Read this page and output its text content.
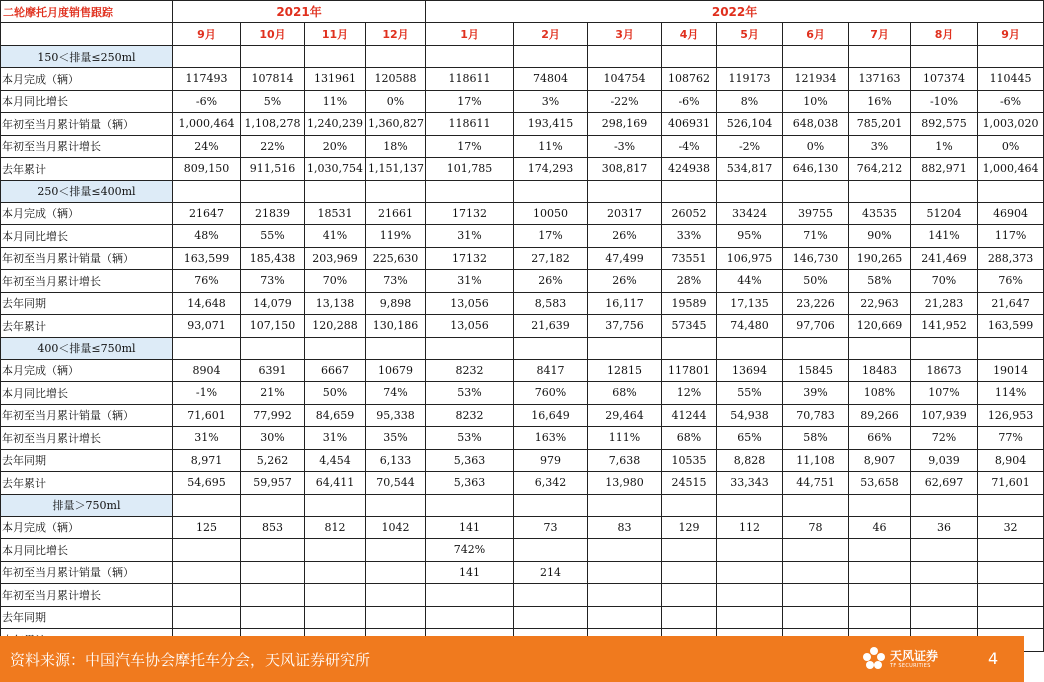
二轮摩托月度销售跟踪	2021年				2022年								
	9月	10月	11月	12月	1月	2月	3月	4月	5月	6月	7月	8月	9月
150＜排量≤250ml													
本月完成（辆）	117493	107814	131961	120588	118611	74804	104754	108762	119173	121934	137163	107374	110445
本月同比增长	-6%	5%	11%	0%	17%	3%	-22%	-6%	8%	10%	16%	-10%	-6%
年初至当月累计销量（辆）	1,000,464	1,108,278	1,240,239	1,360,827	118611	193,415	298,169	406931	526,104	648,038	785,201	892,575	1,003,020
年初至当月累计增长	24%	22%	20%	18%	17%	11%	-3%	-4%	-2%	0%	3%	1%	0%
去年累计	809,150	911,516	1,030,754	1,151,137	101,785	174,293	308,817	424938	534,817	646,130	764,212	882,971	1,000,464
250＜排量≤400ml													
本月完成（辆）	21647	21839	18531	21661	17132	10050	20317	26052	33424	39755	43535	51204	46904
本月同比增长	48%	55%	41%	119%	31%	17%	26%	33%	95%	71%	90%	141%	117%
年初至当月累计销量（辆）	163,599	185,438	203,969	225,630	17132	27,182	47,499	73551	106,975	146,730	190,265	241,469	288,373
年初至当月累计增长	76%	73%	70%	73%	31%	26%	26%	28%	44%	50%	58%	70%	76%
去年同期	14,648	14,079	13,138	9,898	13,056	8,583	16,117	19589	17,135	23,226	22,963	21,283	21,647
去年累计	93,071	107,150	120,288	130,186	13,056	21,639	37,756	57345	74,480	97,706	120,669	141,952	163,599
400＜排量≤750ml													
本月完成（辆）	8904	6391	6667	10679	8232	8417	12815	117801	13694	15845	18483	18673	19014
本月同比增长	-1%	21%	50%	74%	53%	760%	68%	12%	55%	39%	108%	107%	114%
年初至当月累计销量（辆）	71,601	77,992	84,659	95,338	8232	16,649	29,464	41244	54,938	70,783	89,266	107,939	126,953
年初至当月累计增长	31%	30%	31%	35%	53%	163%	111%	68%	65%	58%	66%	72%	77%
去年同期	8,971	5,262	4,454	6,133	5,363	979	7,638	10535	8,828	11,108	8,907	9,039	8,904
去年累计	54,695	59,957	64,411	70,544	5,363	6,342	13,980	24515	33,343	44,751	53,658	62,697	71,601
排量＞750ml													
本月完成（辆）	125	853	812	1042	141	73	83	129	112	78	46	36	32
本月同比增长					742%								
年初至当月累计销量（辆）					141	214							
年初至当月累计增长													
去年同期													

资料来源：中国汽车协会摩托车分会，天风证券研究所	天风证券
TF SECURITIES	4
